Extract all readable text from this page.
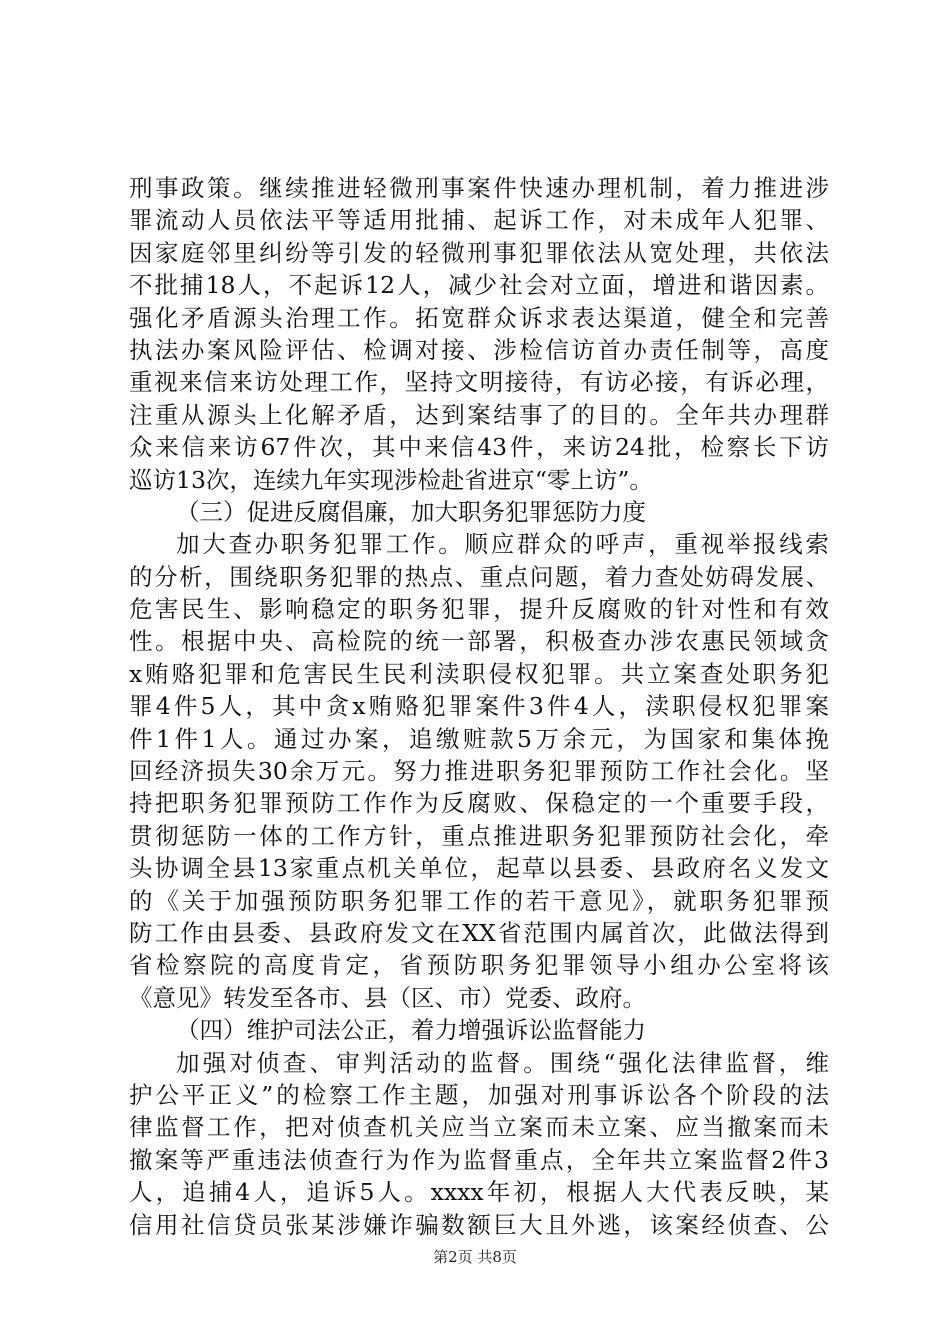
刑事政策。继续推进轻微刑事案件快速办理机制，着力推进涉
罪流动人员依法平等适用批捕、起诉工作，对未成年人犯罪、
因家庭邻里纠纷等引发的轻微刑事犯罪依法从宽处理，共依法
不批捕18人，不起诉12人，减少社会对立面，增进和谐因素。
强化矛盾源头治理工作。拓宽群众诉求表达渠道，健全和完善
执法办案风险评估、检调对接、涉检信访首办责任制等，高度
重视来信来访处理工作，坚持文明接待，有访必接，有诉必理，
注重从源头上化解矛盾，达到案结事了的目的。全年共办理群
众来信来访67件次，其中来信43件，来访24批，检察长下访
巡访13次，连续九年实现涉检赴省进京“零上访”。
（三）促进反腐倡廉，加大职务犯罪惩防力度
加大查办职务犯罪工作。顺应群众的呼声，重视举报线索
的分析，围绕职务犯罪的热点、重点问题，着力查处妨碍发展、
危害民生、影响稳定的职务犯罪，提升反腐败的针对性和有效
性。根据中央、高检院的统一部署，积极查办涉农惠民领域贪
x贿赂犯罪和危害民生民利渎职侵权犯罪。共立案查处职务犯
罪4件5人，其中贪x贿赂犯罪案件3件4人，渎职侵权犯罪案
件1件1人。通过办案，追缴赃款5万余元，为国家和集体挽
回经济损失30余万元。努力推进职务犯罪预防工作社会化。坚
持把职务犯罪预防工作作为反腐败、保稳定的一个重要手段，
贯彻惩防一体的工作方针，重点推进职务犯罪预防社会化，牵
头协调全县13家重点机关单位，起草以县委、县政府名义发文
的《关于加强预防职务犯罪工作的若干意见》，就职务犯罪预
防工作由县委、县政府发文在XX省范围内属首次，此做法得到
省检察院的高度肯定，省预防职务犯罪领导小组办公室将该
《意见》转发至各市、县（区、市）党委、政府。
（四）维护司法公正，着力增强诉讼监督能力
加强对侦查、审判活动的监督。围绕“强化法律监督，维
护公平正义”的检察工作主题，加强对刑事诉讼各个阶段的法
律监督工作，把对侦查机关应当立案而未立案、应当撤案而未
撤案等严重违法侦查行为作为监督重点，全年共立案监督2件3
人，追捕4人，追诉5人。xxxx年初，根据人大代表反映，某
信用社信贷员张某涉嫌诈骗数额巨大且外逃，该案经侦查、公
第2页 共8页
